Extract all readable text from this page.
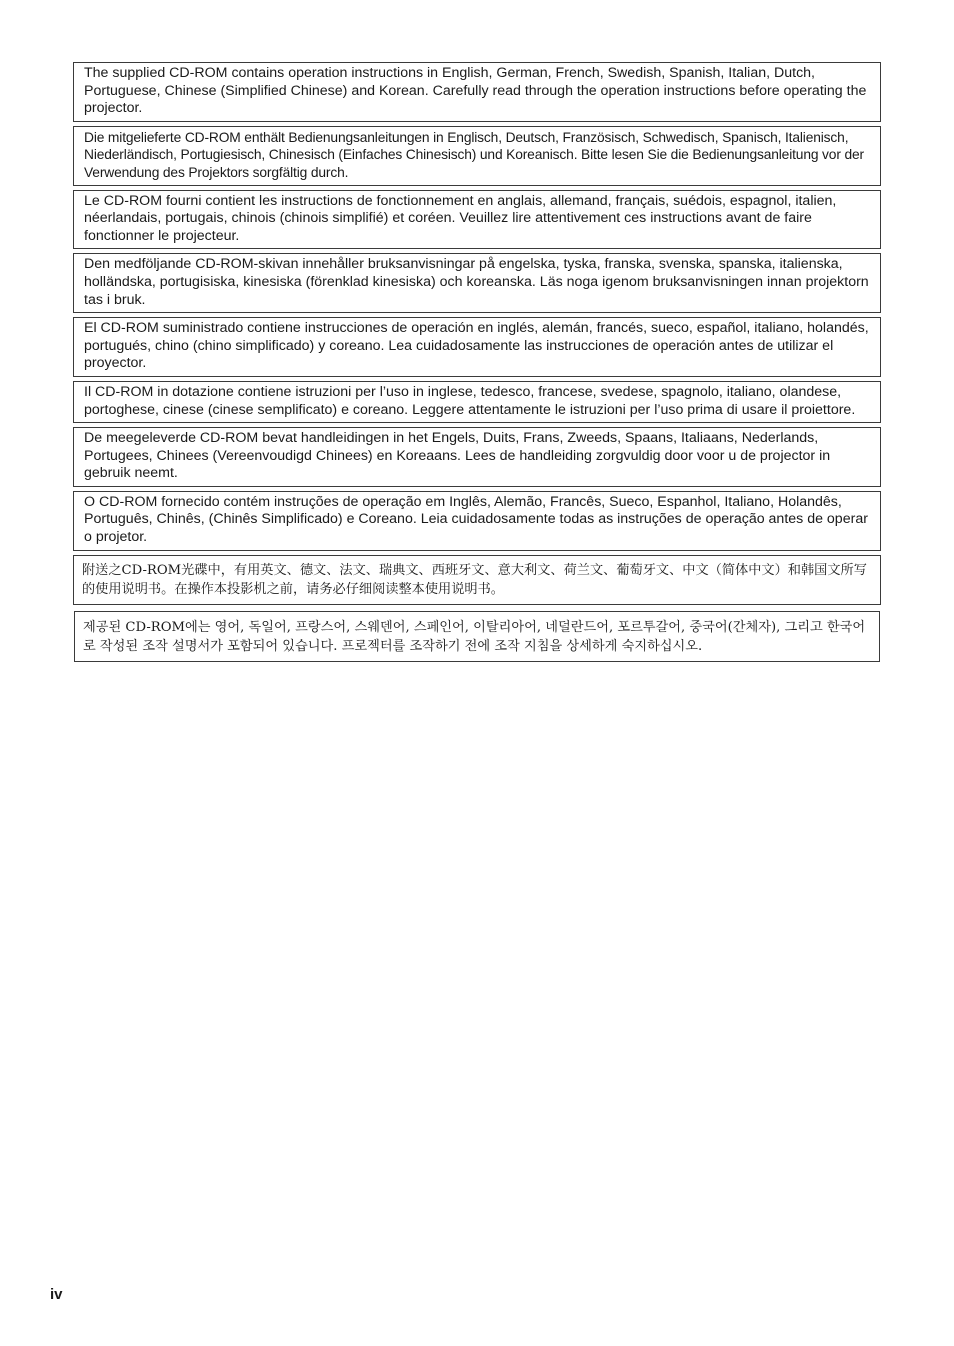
The supplied CD-ROM contains operation instructions in English, German, French, Swedish, Spanish, Italian, Dutch, Portuguese, Chinese (Simplified Chinese) and Korean. Carefully read through the operation instructions before operating the projector.
Die mitgelieferte CD-ROM enthält Bedienungsanleitungen in Englisch, Deutsch, Französisch, Schwedisch, Spanisch, Italienisch, Niederländisch, Portugiesisch, Chinesisch (Einfaches Chinesisch) und Koreanisch. Bitte lesen Sie die Bedienungsanleitung vor der Verwendung des Projektors sorgfältig durch.
Le CD-ROM fourni contient les instructions de fonctionnement en anglais, allemand, français, suédois, espagnol, italien, néerlandais, portugais, chinois (chinois simplifié) et coréen. Veuillez lire attentivement ces instructions avant de faire fonctionner le projecteur.
Den medföljande CD-ROM-skivan innehåller bruksanvisningar på engelska, tyska, franska, svenska, spanska, italienska, holländska, portugisiska, kinesiska (förenklad kinesiska) och koreanska. Läs noga igenom bruksanvisningen innan projektorn tas i bruk.
El CD-ROM suministrado contiene instrucciones de operación en inglés, alemán, francés, sueco, español, italiano, holandés, portugués, chino (chino simplificado) y coreano. Lea cuidadosamente las instrucciones de operación antes de utilizar el proyector.
Il CD-ROM in dotazione contiene istruzioni per l’uso in inglese, tedesco, francese, svedese, spagnolo, italiano, olandese, portoghese, cinese (cinese semplificato) e coreano. Leggere attentamente le istruzioni per l’uso prima di usare il proiettore.
De meegeleverde CD-ROM bevat handleidingen in het Engels, Duits, Frans, Zweeds, Spaans, Italiaans, Nederlands, Portugees, Chinees (Vereenvoudigd Chinees) en Koreaans. Lees de handleiding zorgvuldig door voor u de projector in gebruik neemt.
O CD-ROM fornecido contém instruções de operação em Inglês, Alemão, Francês, Sueco, Espanhol, Italiano, Holandês, Português, Chinês, (Chinês Simplificado) e Coreano. Leia cuidadosamente todas as instruções de operação antes de operar o projetor.
附送之CD-ROM光碟中，有用英文、德文、法文、瑞典文、西班牙文、意大利文、荷兰文、葡萄牙文、中文（简体中文）和韩国文所写的使用说明书。在操作本投影机之前，请务必仔细阅读整本使用说明书。
제공된 CD-ROM에는 영어, 독일어, 프랑스어, 스웨덴어, 스페인어, 이탈리아어, 네덜란드어, 포르투갈어, 중국어(간체자), 그리고 한국어로 작성된 조작 설명서가 포함되어 있습니다. 프로젝터를 조작하기 전에 조작 지침을 상세하게 숙지하십시오.
iv
